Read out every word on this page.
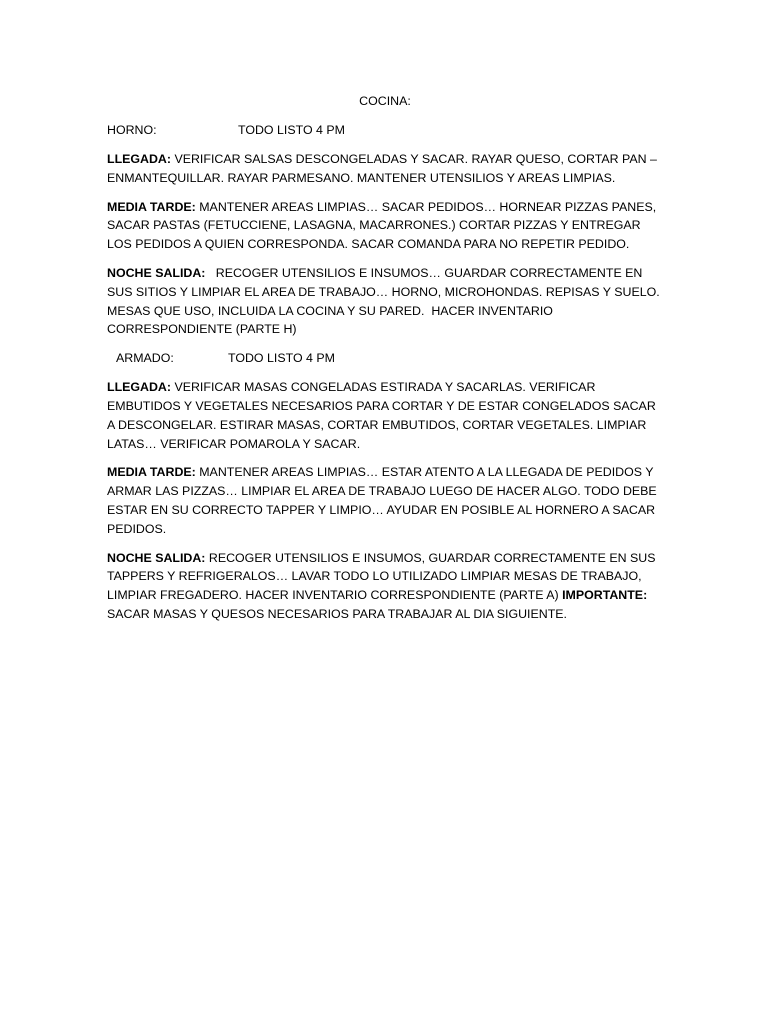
COCINA:
HORNO:	TODO LISTO 4 PM
LLEGADA: VERIFICAR SALSAS DESCONGELADAS Y SACAR. RAYAR QUESO, CORTAR PAN – ENMANTEQUILLAR. RAYAR PARMESANO. MANTENER UTENSILIOS Y AREAS LIMPIAS.
MEDIA TARDE: MANTENER AREAS LIMPIAS… SACAR PEDIDOS… HORNEAR PIZZAS PANES, SACAR PASTAS (FETUCCIENE, LASAGNA, MACARRONES.) CORTAR PIZZAS Y ENTREGAR LOS PEDIDOS A QUIEN CORRESPONDA. SACAR COMANDA PARA NO REPETIR PEDIDO.
NOCHE SALIDA:   RECOGER UTENSILIOS E INSUMOS… GUARDAR CORRECTAMENTE EN SUS SITIOS Y LIMPIAR EL AREA DE TRABAJO… HORNO, MICROHONDAS. REPISAS Y SUELO. MESAS QUE USO, INCLUIDA LA COCINA Y SU PARED.  HACER INVENTARIO CORRESPONDIENTE (PARTE H)
ARMADO:	TODO LISTO 4 PM
LLEGADA: VERIFICAR MASAS CONGELADAS ESTIRADA Y SACARLAS. VERIFICAR EMBUTIDOS Y VEGETALES NECESARIOS PARA CORTAR Y DE ESTAR CONGELADOS SACAR A DESCONGELAR. ESTIRAR MASAS, CORTAR EMBUTIDOS, CORTAR VEGETALES. LIMPIAR LATAS… VERIFICAR POMAROLA Y SACAR.
MEDIA TARDE: MANTENER AREAS LIMPIAS… ESTAR ATENTO A LA LLEGADA DE PEDIDOS Y ARMAR LAS PIZZAS… LIMPIAR EL AREA DE TRABAJO LUEGO DE HACER ALGO. TODO DEBE ESTAR EN SU CORRECTO TAPPER Y LIMPIO… AYUDAR EN POSIBLE AL HORNERO A SACAR PEDIDOS.
NOCHE SALIDA: RECOGER UTENSILIOS E INSUMOS, GUARDAR CORRECTAMENTE EN SUS TAPPERS Y REFRIGERALOS… LAVAR TODO LO UTILIZADO LIMPIAR MESAS DE TRABAJO, LIMPIAR FREGADERO. HACER INVENTARIO CORRESPONDIENTE (PARTE A) IMPORTANTE: SACAR MASAS Y QUESOS NECESARIOS PARA TRABAJAR AL DIA SIGUIENTE.
